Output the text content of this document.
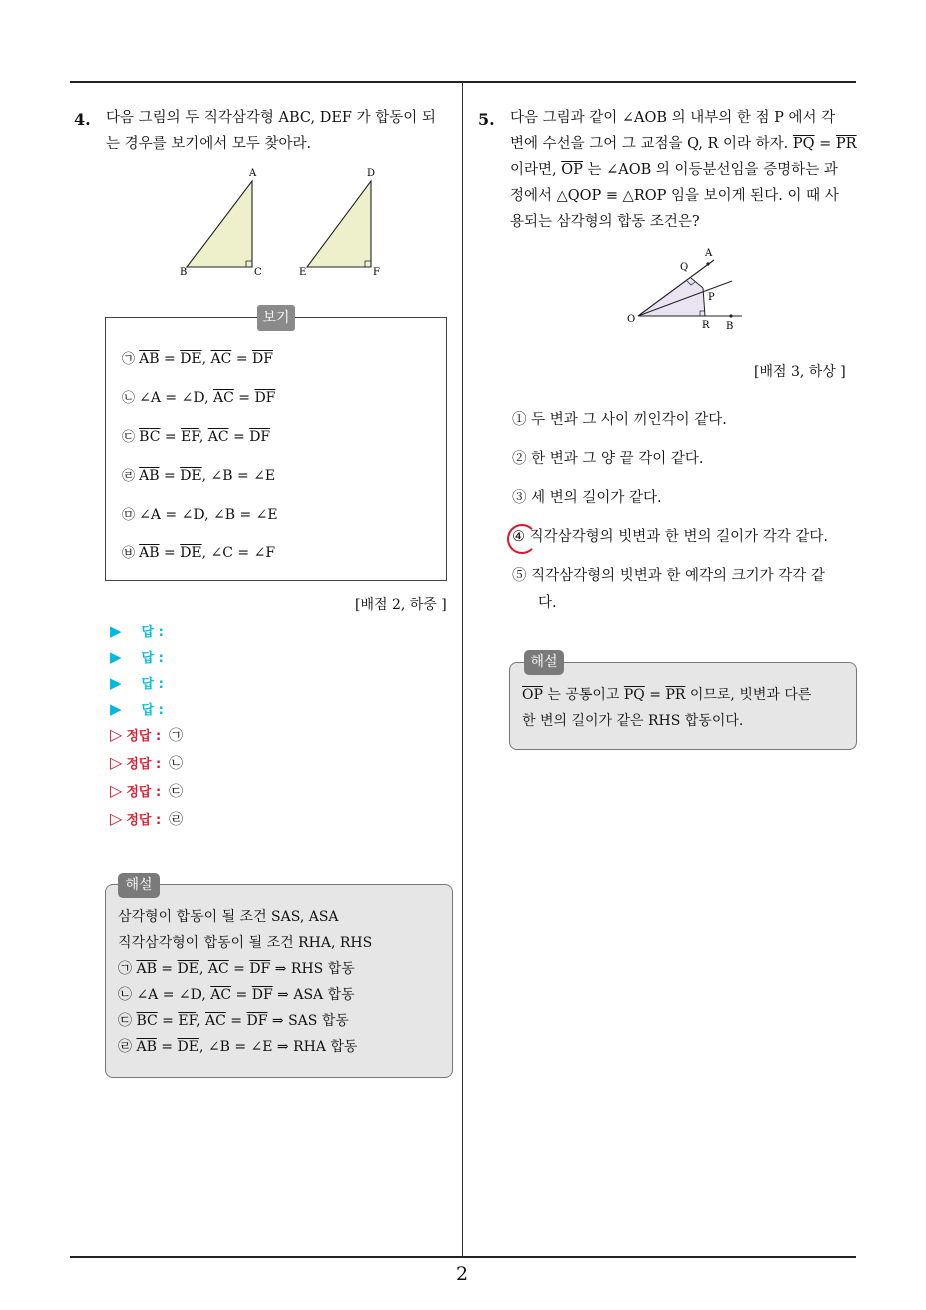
4. 다음 그림의 두 직각삼각형 ABC, DEF 가 합동이 되
는 경우를 보기에서 모두 찾아라.
A
B	C
D
E	F
보기
㉠ $\overline{AB} = \overline{DE}$, $\overline{AC} = \overline{DF}$
㉡ ∠A = ∠D, $\overline{AC} = \overline{DF}$
㉢ $\overline{BC} = \overline{EF}$, $\overline{AC} = \overline{DF}$
㉣ $\overline{AB} = \overline{DE}$, ∠B = ∠E
㉤ ∠A = ∠D, ∠B = ∠E
㉥ $\overline{AB} = \overline{DE}$, ∠C = ∠F
[배점 2, 하중 ]
▶ 답 :
▶ 답 :
▶ 답 :
▶ 답 :
▷ 정답 : ㉠
▷ 정답 : ㉡
▷ 정답 : ㉢
▷ 정답 : ㉣
해설
삼각형이 합동이 될 조건 SAS, ASA
직각삼각형이 합동이 될 조건 RHA, RHS
㉠ $\overline{AB} = \overline{DE}$, $\overline{AC} = \overline{DF}$ ⇒ RHS 합동
㉡ ∠A = ∠D, $\overline{AC} = \overline{DF}$ ⇒ ASA 합동
㉢ $\overline{BC} = \overline{EF}$, $\overline{AC} = \overline{DF}$ ⇒ SAS 합동
㉣ $\overline{AB} = \overline{DE}$, ∠B = ∠E ⇒ RHA 합동
5. 다음 그림과 같이 ∠AOB 의 내부의 한 점 P 에서 각
변에 수선을 그어 그 교점을 Q, R 이라 하자. $\overline{PQ} = \overline{PR}$
이라면, $\overline{OP}$ 는 ∠AOB 의 이등분선임을 증명하는 과
정에서 △QOP ≡ △ROP 임을 보이게 된다. 이 때 사
용되는 삼각형의 합동 조건은?
A
Q
P
O
R B
[배점 3, 하상 ]
① 두 변과 그 사이 끼인각이 같다.
② 한 변과 그 양 끝 각이 같다.
③ 세 변의 길이가 같다.
④
직각삼각형의 빗변과 한 변의 길이가 각각 같다.
⑤ 직각삼각형의 빗변과 한 예각의 크기가 각각 같
다.
해설
$\overline{OP}$ 는 공통이고 $\overline{PQ} = \overline{PR}$ 이므로, 빗변과 다른
한 변의 길이가 같은 RHS 합동이다.
2
